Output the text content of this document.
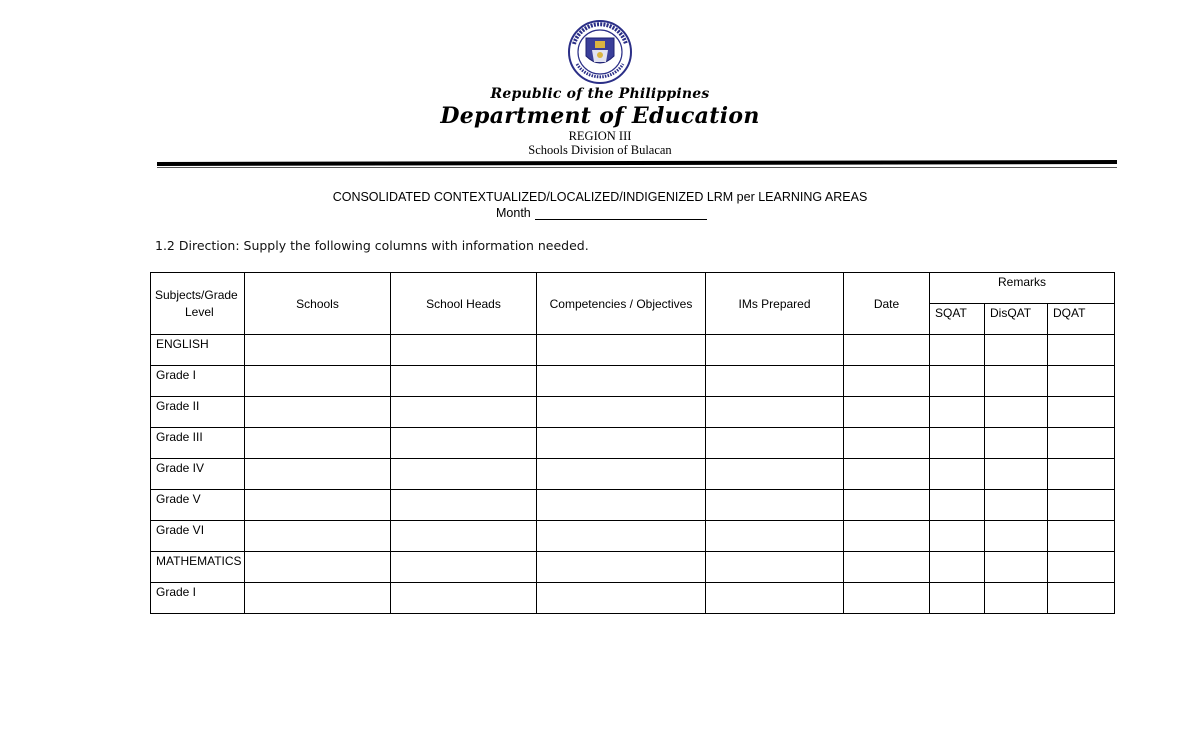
Republic of the Philippines
Department of Education
REGION III
Schools Division of Bulacan
CONSOLIDATED CONTEXTUALIZED/LOCALIZED/INDIGENIZED LRM per LEARNING AREAS
Month
1.2 Direction: Supply the following columns with information needed.
Subjects/Grade
Level	Schools	School Heads	Competencies / Objectives	IMs Prepared	Date	Remarks		
						SQAT	DisQAT	DQAT
ENGLISH								
Grade I								
Grade II								
Grade III								
Grade IV								
Grade V								
Grade VI								
MATHEMATICS								
Grade I								
